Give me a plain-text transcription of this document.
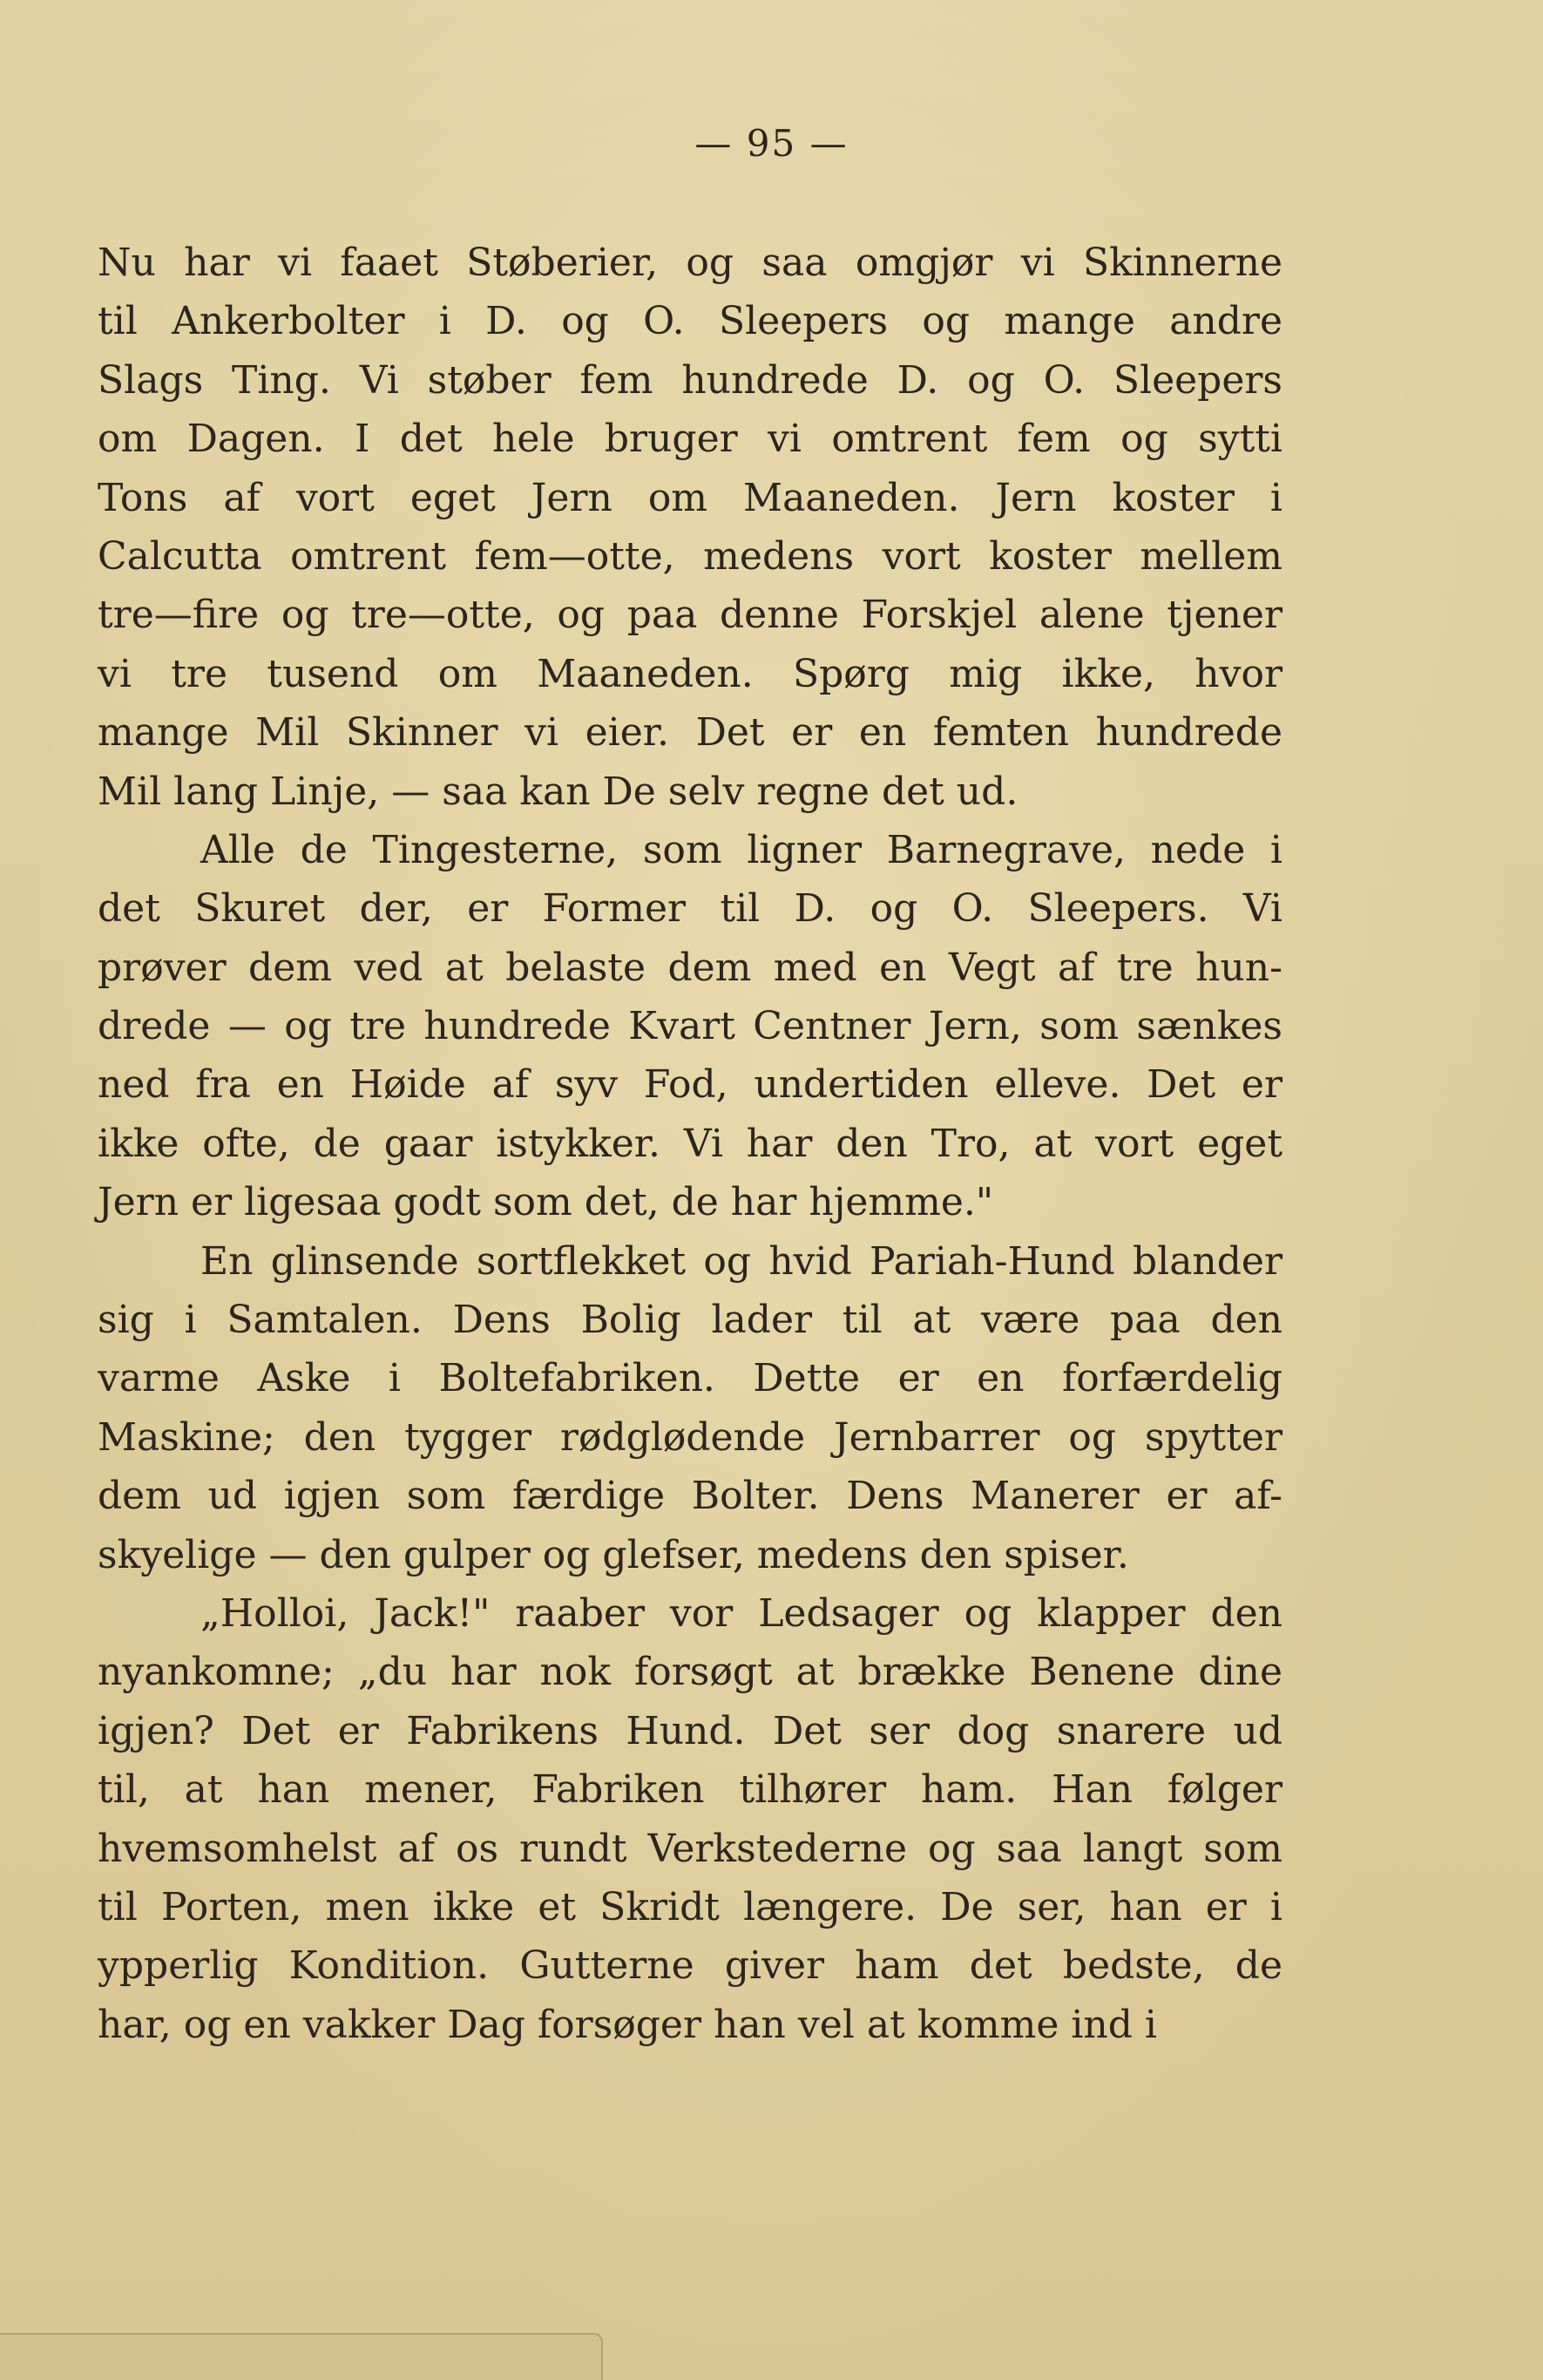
— 95 —
Nu har vi faaet Støberier, og saa omgjør vi Skinnerne
til Ankerbolter i D. og O. Sleepers og mange andre
Slags Ting. Vi støber fem hundrede D. og O. Sleepers
om Dagen. I det hele bruger vi omtrent fem og sytti
Tons af vort eget Jern om Maaneden. Jern koster i
Calcutta omtrent fem—otte, medens vort koster mellem
tre—fire og tre—otte, og paa denne Forskjel alene tjener
vi tre tusend om Maaneden. Spørg mig ikke, hvor
mange Mil Skinner vi eier. Det er en femten hundrede
Mil lang Linje, — saa kan De selv regne det ud.
Alle de Tingesterne, som ligner Barnegrave, nede i
det Skuret der, er Former til D. og O. Sleepers. Vi
prøver dem ved at belaste dem med en Vegt af tre hun-
drede — og tre hundrede Kvart Centner Jern, som sænkes
ned fra en Høide af syv Fod, undertiden elleve. Det er
ikke ofte, de gaar istykker. Vi har den Tro, at vort eget
Jern er ligesaa godt som det, de har hjemme."
En glinsende sortflekket og hvid Pariah-Hund blander
sig i Samtalen. Dens Bolig lader til at være paa den
varme Aske i Boltefabriken. Dette er en forfærdelig
Maskine; den tygger rødglødende Jernbarrer og spytter
dem ud igjen som færdige Bolter. Dens Manerer er af-
skyelige — den gulper og glefser, medens den spiser.
„Holloi, Jack!" raaber vor Ledsager og klapper den
nyankomne; „du har nok forsøgt at brække Benene dine
igjen? Det er Fabrikens Hund. Det ser dog snarere ud
til, at han mener, Fabriken tilhører ham. Han følger
hvemsomhelst af os rundt Verkstederne og saa langt som
til Porten, men ikke et Skridt længere. De ser, han er i
ypperlig Kondition. Gutterne giver ham det bedste, de
har, og en vakker Dag forsøger han vel at komme ind i
